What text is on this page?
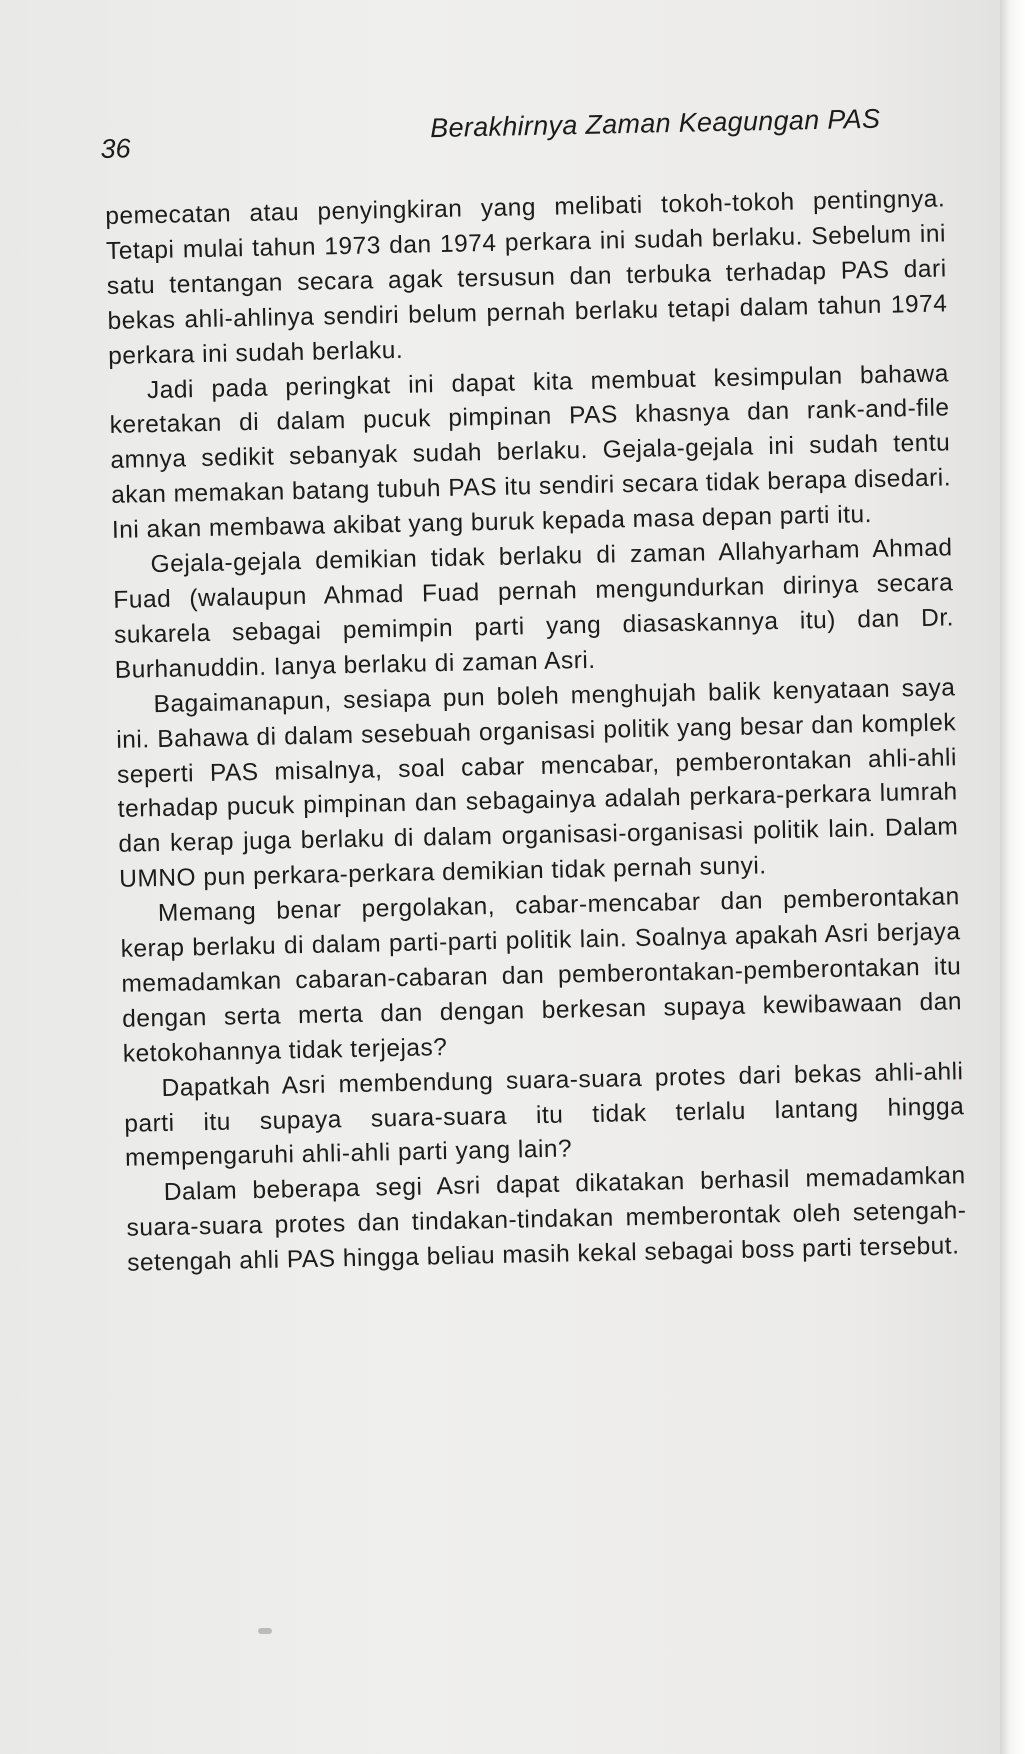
36
Berakhirnya Zaman Keagungan PAS

pemecatan atau penyingkiran yang melibati tokoh-tokoh pentingnya. Tetapi mulai tahun 1973 dan 1974 perkara ini sudah berlaku. Sebelum ini satu tentangan secara agak tersusun dan terbuka terhadap PAS dari bekas ahli-ahlinya sendiri belum pernah berlaku tetapi dalam tahun 1974 perkara ini sudah berlaku.

Jadi pada peringkat ini dapat kita membuat kesimpulan bahawa keretakan di dalam pucuk pimpinan PAS khasnya dan rank-and-file amnya sedikit sebanyak sudah berlaku. Gejala-gejala ini sudah tentu akan memakan batang tubuh PAS itu sendiri secara tidak berapa disedari. Ini akan membawa akibat yang buruk kepada masa depan parti itu.

Gejala-gejala demikian tidak berlaku di zaman Allahyarham Ahmad Fuad (walaupun Ahmad Fuad pernah mengundurkan dirinya secara sukarela sebagai pemimpin parti yang diasaskannya itu) dan Dr. Burhanuddin. Ianya berlaku di zaman Asri.

Bagaimanapun, sesiapa pun boleh menghujah balik kenyataan saya ini. Bahawa di dalam sesebuah organisasi politik yang besar dan komplek seperti PAS misalnya, soal cabar mencabar, pemberontakan ahli-ahli terhadap pucuk pimpinan dan sebagainya adalah perkara-perkara lumrah dan kerap juga berlaku di dalam organisasi-organisasi politik lain. Dalam UMNO pun perkara-perkara demikian tidak pernah sunyi.

Memang benar pergolakan, cabar-mencabar dan pemberontakan kerap berlaku di dalam parti-parti politik lain. Soalnya apakah Asri berjaya memadamkan cabaran-cabaran dan pemberontakan-pemberontakan itu dengan serta merta dan dengan berkesan supaya kewibawaan dan ketokohannya tidak terjejas?

Dapatkah Asri membendung suara-suara protes dari bekas ahli-ahli parti itu supaya suara-suara itu tidak terlalu lantang hingga mempengaruhi ahli-ahli parti yang lain?

Dalam beberapa segi Asri dapat dikatakan berhasil memadamkan suara-suara protes dan tindakan-tindakan memberontak oleh setengah-setengah ahli PAS hingga beliau masih kekal sebagai boss parti tersebut.
